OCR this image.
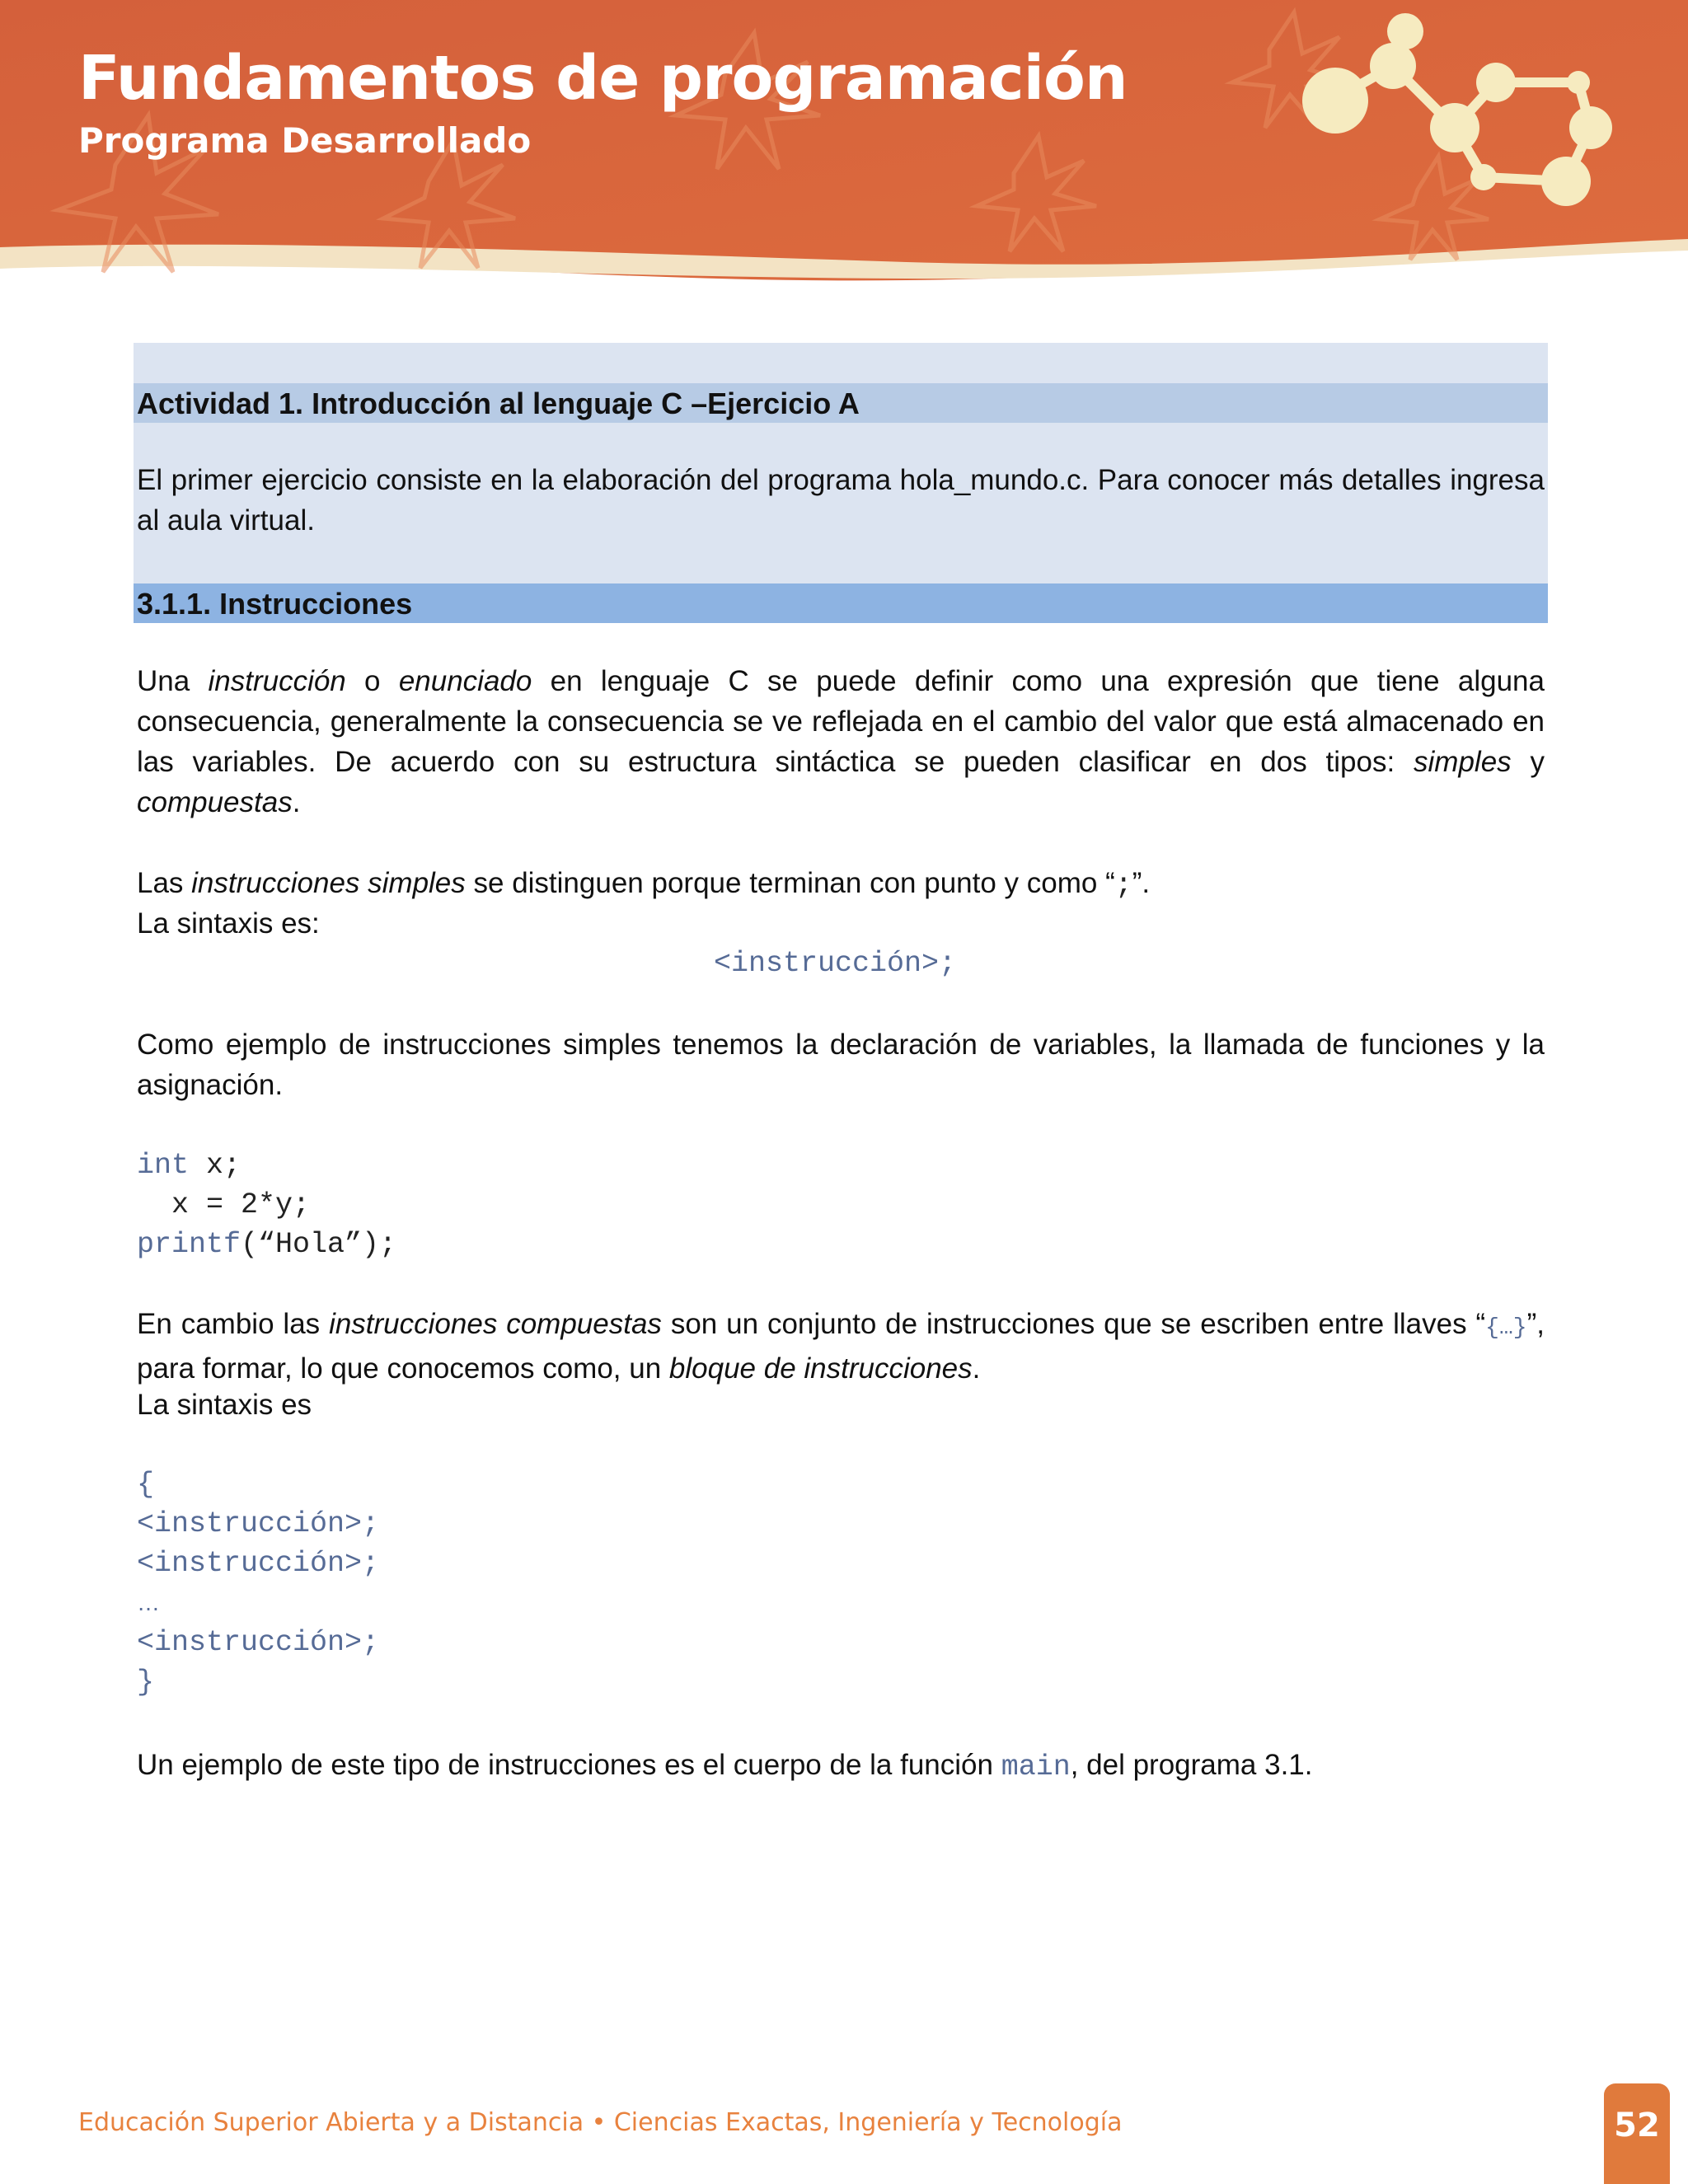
Fundamentos de programación
Programa Desarrollado
Actividad 1. Introducción al lenguaje C –Ejercicio A

El primer ejercicio consiste en la elaboración del programa hola_mundo.c. Para conocer más detalles ingresa al aula virtual.

3.1.1. Instrucciones

Una instrucción o enunciado en lenguaje C se puede definir como una expresión que tiene alguna consecuencia, generalmente la consecuencia se ve reflejada en el cambio del valor que está almacenado en las variables. De acuerdo con su estructura sintáctica se pueden clasificar en dos tipos: simples y compuestas.

Las instrucciones simples se distinguen porque terminan con punto y como “;”.

La sintaxis es:

<instrucción>;

Como ejemplo de instrucciones simples tenemos la declaración de variables, la llamada de funciones y la asignación.

int x;

x = 2*y;

printf(“Hola”);

En cambio las instrucciones compuestas son un conjunto de instrucciones que se escriben entre llaves “{…}”, para formar, lo que conocemos como, un bloque de instrucciones.

La sintaxis es

{

<instrucción>;

<instrucción>;

…

<instrucción>;

}

Un ejemplo de este tipo de instrucciones es el cuerpo de la función main, del programa 3.1.

Educación Superior Abierta y a Distancia • Ciencias Exactas, Ingeniería y Tecnología	52
